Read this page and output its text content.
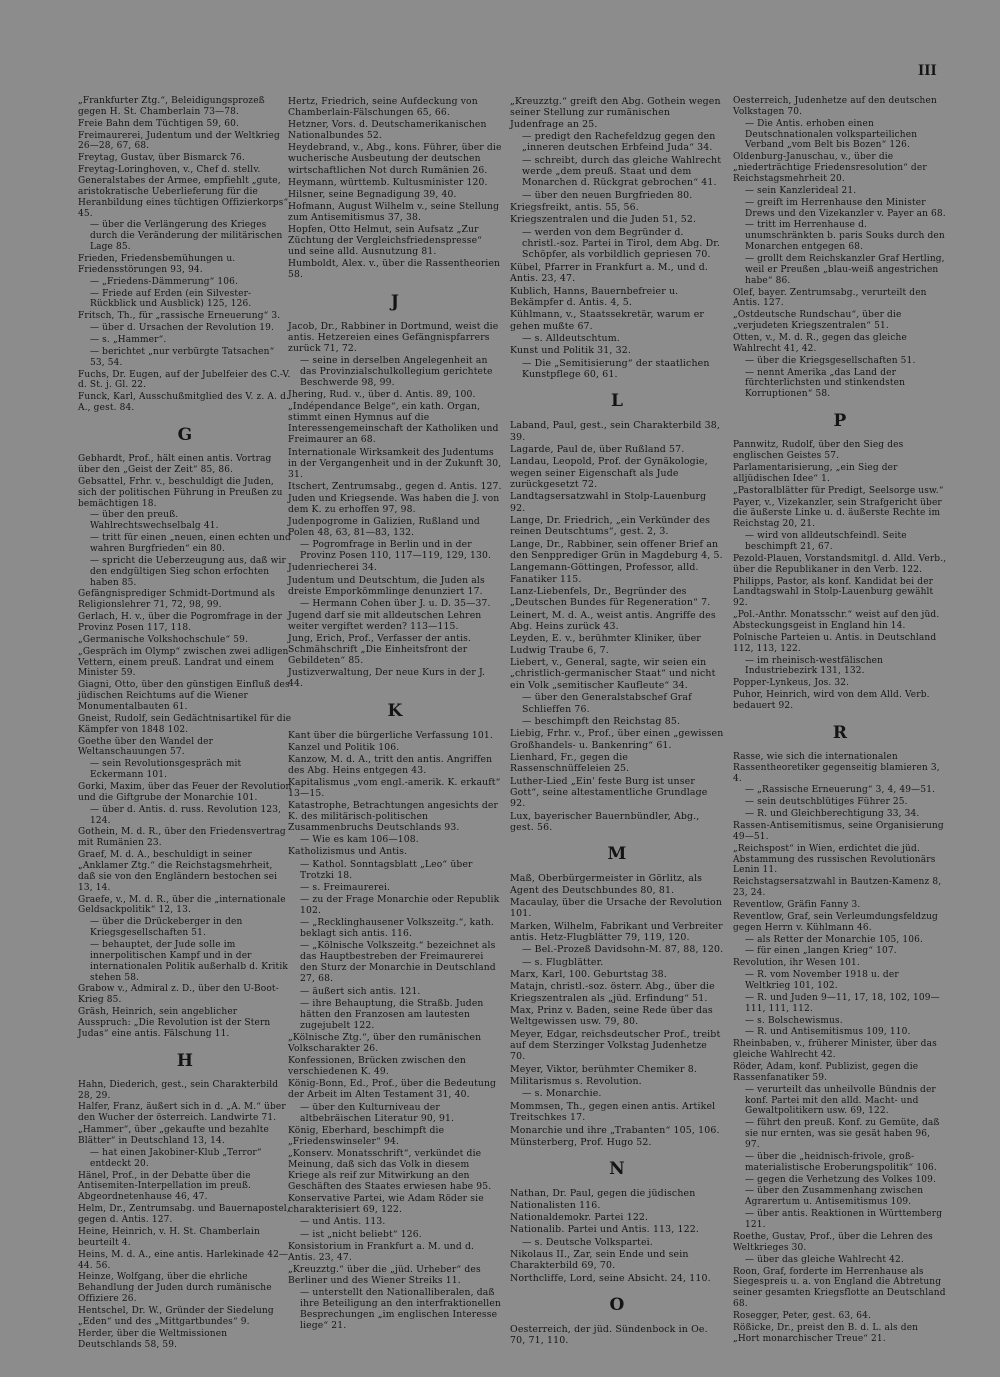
III
„Frankfurter Ztg.“, Beleidigungsprozeß gegen H. St. Chamberlain 73—78.
Freie Bahn dem Tüchtigen 59, 60.
Freimaurerei, Judentum und der Weltkrieg 26—28, 67, 68.
Freytag, Gustav, über Bismarck 76.
Freytag-Loringhoven, v., Chef d. stellv. Generalstabes der Armee, empfiehlt „gute, aristokratische Ueberlieferung für die Heranbildung eines tüchtigen Offizierkorps“ 45.
— über die Verlängerung des Krieges durch die Veränderung der militärischen Lage 85.
Frieden, Friedensbemühungen u. Friedensstörungen 93, 94.
— „Friedens-Dämmerung“ 106.
— Friede auf Erden (ein Silvester-Rückblick und Ausblick) 125, 126.
Fritsch, Th., für „rassische Erneuerung“ 3.
— über d. Ursachen der Revolution 19.
— s. „Hammer“.
— berichtet „nur verbürgte Tatsachen“ 53, 54.
Fuchs, Dr. Eugen, auf der Jubelfeier des C.-V. d. St. j. Gl. 22.
Funck, Karl, Ausschußmitglied des V. z. A. d. A., gest. 84.
G
Gebhardt, Prof., hält einen antis. Vortrag über den „Geist der Zeit“ 85, 86.
Gebsattel, Frhr. v., beschuldigt die Juden, sich der politischen Führung in Preußen zu bemächtigen 18.
— über den preuß. Wahlrechtswechselbalg 41.
— tritt für einen „neuen, einen echten und wahren Burgfrieden“ ein 80.
— spricht die Ueberzeugung aus, daß wir den endgültigen Sieg schon erfochten haben 85.
Gefängnisprediger Schmidt-Dortmund als Religionslehrer 71, 72, 98, 99.
Gerlach, H. v., über die Pogromfrage in der Provinz Posen 117, 118.
„Germanische Volkshochschule“ 59.
„Gespräch im Olymp“ zwischen zwei adligen Vettern, einem preuß. Landrat und einem Minister 59.
Giagni, Otto, über den günstigen Einfluß des jüdischen Reichtums auf die Wiener Monumentalbauten 61.
Gneist, Rudolf, sein Gedächtnisartikel für die Kämpfer von 1848 102.
Goethe über den Wandel der Weltanschauungen 57.
— sein Revolutionsgespräch mit Eckermann 101.
Gorki, Maxim, über das Feuer der Revolution und die Giftgrube der Monarchie 101.
— über d. Antis. d. russ. Revolution 123, 124.
Gothein, M. d. R., über den Friedensvertrag mit Rumänien 23.
Graef, M. d. A., beschuldigt in seiner „Anklamer Ztg.“ die Reichstagsmehrheit, daß sie von den Engländern bestochen sei 13, 14.
Graefe, v., M. d. R., über die „internationale Geldsackpolitik“ 12, 13.
— über die Drückeberger in den Kriegsgesellschaften 51.
— behauptet, der Jude solle im innerpolitischen Kampf und in der internationalen Politik außerhalb d. Kritik stehen 58.
Grabow v., Admiral z. D., über den U-Boot-Krieg 85.
Gräsh, Heinrich, sein angeblicher Ausspruch: „Die Revolution ist der Stern Judas“ eine antis. Fälschung 11.
H
Hahn, Diederich, gest., sein Charakterbild 28, 29.
Halfer, Franz, äußert sich in d. „A. M.“ über den Wucher der österreich. Landwirte 71.
„Hammer“, über „gekaufte und bezahlte Blätter“ in Deutschland 13, 14.
— hat einen Jakobiner-Klub „Terror“ entdeckt 20.
Hänel, Prof., in der Debatte über die Antisemiten-Interpellation im preuß. Abgeordnetenhause 46, 47.
Helm, Dr., Zentrumsabg. und Bauernapostel, gegen d. Antis. 127.
Heine, Heinrich, v. H. St. Chamberlain beurteilt 4.
Heins, M. d. A., eine antis. Harlekinade 42—44. 56.
Heinze, Wolfgang, über die ehrliche Behandlung der Juden durch rumänische Offiziere 26.
Hentschel, Dr. W., Gründer der Siedelung „Eden“ und des „Mittgartbundes“ 9.
Herder, über die Weltmissionen Deutschlands 58, 59.
Hertz, Friedrich, seine Aufdeckung von Chamberlain-Fälschungen 65, 66.
Hetzner, Vors. d. Deutschamerikanischen Nationalbundes 52.
Heydebrand, v., Abg., kons. Führer, über die wucherische Ausbeutung der deutschen wirtschaftlichen Not durch Rumänien 26.
Heymann, württemb. Kultusminister 120.
Hilsner, seine Begnadigung 39, 40.
Hofmann, August Wilhelm v., seine Stellung zum Antisemitismus 37, 38.
Hopfen, Otto Helmut, sein Aufsatz „Zur Züchtung der Vergleichsfriedenspresse“ und seine alld. Ausnutzung 81.
Humboldt, Alex. v., über die Rassentheorien 58.
J
Jacob, Dr., Rabbiner in Dortmund, weist die antis. Hetzereien eines Gefängnispfarrers zurück 71, 72.
— seine in derselben Angelegenheit an das Provinzialschulkollegium gerichtete Beschwerde 98, 99.
Jhering, Rud. v., über d. Antis. 89, 100.
„Indépendance Belge“, ein kath. Organ, stimmt einen Hymnus auf die Interessengemeinschaft der Katholiken und Freimaurer an 68.
Internationale Wirksamkeit des Judentums in der Vergangenheit und in der Zukunft 30, 31.
Itschert, Zentrumsabg., gegen d. Antis. 127.
Juden und Kriegsende. Was haben die J. von dem K. zu erhoffen 97, 98.
Judenpogrome in Galizien, Rußland und Polen 48, 63, 81—83, 132.
— Pogromfrage in Berlin und in der Provinz Posen 110, 117—119, 129, 130.
Judenriecherei 34.
Judentum und Deutschtum, die Juden als dreiste Emporkömmlinge denunziert 17.
— Hermann Cohen über J. u. D. 35—37.
Jugend darf sie mit alldeutschen Lehren weiter vergiftet werden? 113—115.
Jung, Erich, Prof., Verfasser der antis. Schmähschrift „Die Einheitsfront der Gebildeten“ 85.
Justizverwaltung, Der neue Kurs in der J. 44.
K
Kant über die bürgerliche Verfassung 101.
Kanzel und Politik 106.
Kanzow, M. d. A., tritt den antis. Angriffen des Abg. Heins entgegen 43.
Kapitalismus „vom engl.-amerik. K. erkauft“ 13—15.
Katastrophe, Betrachtungen angesichts der K. des militärisch-politischen Zusammenbruchs Deutschlands 93.
— Wie es kam 106—108.
Katholizismus und Antis.
— Kathol. Sonntagsblatt „Leo“ über Trotzki 18.
— s. Freimaurerei.
— zu der Frage Monarchie oder Republik 102.
— „Recklinghausener Volkszeitg.“, kath. beklagt sich antis. 116.
— „Kölnische Volkszeitg.“ bezeichnet als das Hauptbestreben der Freimaurerei den Sturz der Monarchie in Deutschland 27, 68.
— äußert sich antis. 121.
— ihre Behauptung, die Straßb. Juden hätten den Franzosen am lautesten zugejubelt 122.
„Kölnische Ztg.“, über den rumänischen Volkscharakter 26.
Konfessionen, Brücken zwischen den verschiedenen K. 49.
König-Bonn, Ed., Prof., über die Bedeutung der Arbeit im Alten Testament 31, 40.
— über den Kulturniveau der altbebräischen Literatur 90, 91.
König, Eberhard, beschimpft die „Friedenswinseler“ 94.
„Konserv. Monatsschrift“, verkündet die Meinung, daß sich das Volk in diesem Kriege als reif zur Mitwirkung an den Geschäften des Staates erwiesen habe 95.
Konservative Partei, wie Adam Röder sie charakterisiert 69, 122.
— und Antis. 113.
— ist „nicht beliebt“ 126.
Konsistorium in Frankfurt a. M. und d. Antis. 23, 47.
„Kreuzztg.“ über die „jüd. Urheber“ des Berliner und des Wiener Streiks 11.
— unterstellt den Nationalliberalen, daß ihre Beteiligung an den interfraktionellen Besprechungen „im englischen Interesse liege“ 21.
„Kreuzztg.“ greift den Abg. Gothein wegen seiner Stellung zur rumänischen Judenfrage an 25.
— predigt den Rachefeldzug gegen den „inneren deutschen Erbfeind Juda“ 34.
— schreibt, durch das gleiche Wahlrecht werde „dem preuß. Staat und dem Monarchen d. Rückgrat gebrochen“ 41.
— über den neuen Burgfrieden 80.
Kriegsfreikt, antis. 55, 56.
Kriegszentralen und die Juden 51, 52.
— werden von dem Begründer d. christl.-soz. Partei in Tirol, dem Abg. Dr. Schöpfer, als vorbildlich gepriesen 70.
Kübel, Pfarrer in Frankfurt a. M., und d. Antis. 23, 47.
Kublich, Hanns, Bauernbefreier u. Bekämpfer d. Antis. 4, 5.
Kühlmann, v., Staatssekretär, warum er gehen mußte 67.
— s. Alldeutschtum.
Kunst und Politik 31, 32.
— Die „Semitisierung“ der staatlichen Kunstpflege 60, 61.
L
Laband, Paul, gest., sein Charakterbild 38, 39.
Lagarde, Paul de, über Rußland 57.
Landau, Leopold, Prof. der Gynäkologie, wegen seiner Eigenschaft als Jude zurückgesetzt 72.
Landtagsersatzwahl in Stolp-Lauenburg 92.
Lange, Dr. Friedrich, „ein Verkünder des reinen Deutschtums“, gest. 2, 3.
Lange, Dr., Rabbiner, sein offener Brief an den Senpprediger Grün in Magdeburg 4, 5.
Langemann-Göttingen, Professor, alld. Fanatiker 115.
Lanz-Liebenfels, Dr., Begründer des „Deutschen Bundes für Regeneration“ 7.
Leinert, M. d. A., weist antis. Angriffe des Abg. Heins zurück 43.
Leyden, E. v., berühmter Kliniker, über Ludwig Traube 6, 7.
Liebert, v., General, sagte, wir seien ein „christlich-germanischer Staat“ und nicht ein Volk „semitischer Kaufleute“ 34.
— über den Generalstabschef Graf Schlieffen 76.
— beschimpft den Reichstag 85.
Liebig, Frhr. v., Prof., über einen „gewissen Großhandels- u. Bankenring“ 61.
Lienhard, Fr., gegen die Rassenschnüffeleien 25.
Luther-Lied „Ein' feste Burg ist unser Gott“, seine altestamentliche Grundlage 92.
Lux, bayerischer Bauernbündler, Abg., gest. 56.
M
Maß, Oberbürgermeister in Görlitz, als Agent des Deutschbundes 80, 81.
Macaulay, über die Ursache der Revolution 101.
Marken, Wilhelm, Fabrikant und Verbreiter antis. Hetz-Flugblätter 79, 119, 120.
— Bel.-Prozeß Davidsohn-M. 87, 88, 120.
— s. Flugblätter.
Marx, Karl, 100. Geburtstag 38.
Matajn, christl.-soz. österr. Abg., über die Kriegszentralen als „jüd. Erfindung“ 51.
Max, Prinz v. Baden, seine Rede über das Weltgewissen usw. 79, 80.
Meyer, Edgar, reichsdeutscher Prof., treibt auf dem Sterzinger Volkstag Judenhetze 70.
Meyer, Viktor, berühmter Chemiker 8.
Militarismus s. Revolution.
— s. Monarchie.
Mommsen, Th., gegen einen antis. Artikel Treitschkes 17.
Monarchie und ihre „Trabanten“ 105, 106.
Münsterberg, Prof. Hugo 52.
N
Nathan, Dr. Paul, gegen die jüdischen Nationalisten 116.
Nationaldemokr. Partei 122.
Nationalib. Partei und Antis. 113, 122.
— s. Deutsche Volkspartei.
Nikolaus II., Zar, sein Ende und sein Charakterbild 69, 70.
Northcliffe, Lord, seine Absicht. 24, 110.
O
Oesterreich, der jüd. Sündenbock in Oe. 70, 71, 110.
Oesterreich, Judenhetze auf den deutschen Volkstagen 70.
— Die Antis. erhoben einen Deutschnationalen volksparteilichen Verband „vom Belt bis Bozen“ 126.
Oldenburg-Januschau, v., über die „niederträchtige Friedensresolution“ der Reichstagsmehrheit 20.
— sein Kanzlerideal 21.
— greift im Herrenhause den Minister Drews und den Vizekanzler v. Payer an 68.
— tritt im Herrenhause d. unumschränkten b. paris Souks durch den Monarchen entgegen 68.
— grollt dem Reichskanzler Graf Hertling, weil er Preußen „blau-weiß angestrichen habe“ 86.
Olef, bayer. Zentrumsabg., verurteilt den Antis. 127.
„Ostdeutsche Rundschau“, über die „verjudeten Kriegszentralen“ 51.
Otten, v., M. d. R., gegen das gleiche Wahlrecht 41, 42.
— über die Kriegsgesellschaften 51.
— nennt Amerika „das Land der fürchterlichsten und stinkendsten Korruptionen“ 58.
P
Pannwitz, Rudolf, über den Sieg des englischen Geistes 57.
Parlamentarisierung, „ein Sieg der alljüdischen Idee“ 1.
„Pastoralblätter für Predigt, Seelsorge usw.“
Payer, v., Vizekanzler, sein Strafgericht über die äußerste Linke u. d. äußerste Rechte im Reichstag 20, 21.
— wird von alldeutschfeindl. Seite beschimpft 21, 67.
Pezold-Plauen, Vorstandsmitgl. d. Alld. Verb., über die Republikaner in den Verb. 122.
Philipps, Pastor, als konf. Kandidat bei der Landtagswahl in Stolp-Lauenburg gewählt 92.
„Pol.-Anthr. Monatsschr.“ weist auf den jüd. Absteckungsgeist in England hin 14.
Polnische Parteien u. Antis. in Deutschland 112, 113, 122.
— im rheinisch-westfälischen Industriebezirk 131, 132.
Popper-Lynkeus, Jos. 32.
Puhor, Heinrich, wird von dem Alld. Verb. bedauert 92.
R
Rasse, wie sich die internationalen Rassentheoretiker gegenseitig blamieren 3, 4.
— „Rassische Erneuerung“ 3, 4, 49—51.
— sein deutschblütiges Führer 25.
— R. und Gleichberechtigung 33, 34.
Rassen-Antisemitismus, seine Organisierung 49—51.
„Reichspost“ in Wien, erdichtet die jüd. Abstammung des russischen Revolutionärs Lenin 11.
Reichstagsersatzwahl in Bautzen-Kamenz 8, 23, 24.
Reventlow, Gräfin Fanny 3.
Reventlow, Graf, sein Verleumdungsfeldzug gegen Herrn v. Kühlmann 46.
— als Retter der Monarchie 105, 106.
— für einen „langen Krieg“ 107.
Revolution, ihr Wesen 101.
— R. vom November 1918 u. der Weltkrieg 101, 102.
— R. und Juden 9—11, 17, 18, 102, 109—111, 111, 112.
— s. Bolschewismus.
— R. und Antisemitismus 109, 110.
Rheinbaben, v., früherer Minister, über das gleiche Wahlrecht 42.
Röder, Adam, konf. Publizist, gegen die Rassenfanatiker 59.
— verurteilt das unheilvolle Bündnis der konf. Partei mit den alld. Macht- und Gewaltpolitikern usw. 69, 122.
— führt den preuß. Konf. zu Gemüte, daß sie nur ernten, was sie gesät haben 96, 97.
— über die „heidnisch-frivole, groß-materialistische Eroberungspolitik“ 106.
— gegen die Verhetzung des Volkes 109.
— über den Zusammenhang zwischen Agrarertum u. Antisemitismus 109.
— über antis. Reaktionen in Württemberg 121.
Roethe, Gustav, Prof., über die Lehren des Weltkrieges 30.
— über das gleiche Wahlrecht 42.
Roon, Graf, forderte im Herrenhause als Siegespreis u. a. von England die Abtretung seiner gesamten Kriegsflotte an Deutschland 68.
Rosegger, Peter, gest. 63, 64.
Rößicke, Dr., preist den B. d. L. als den „Hort monarchischer Treue“ 21.
